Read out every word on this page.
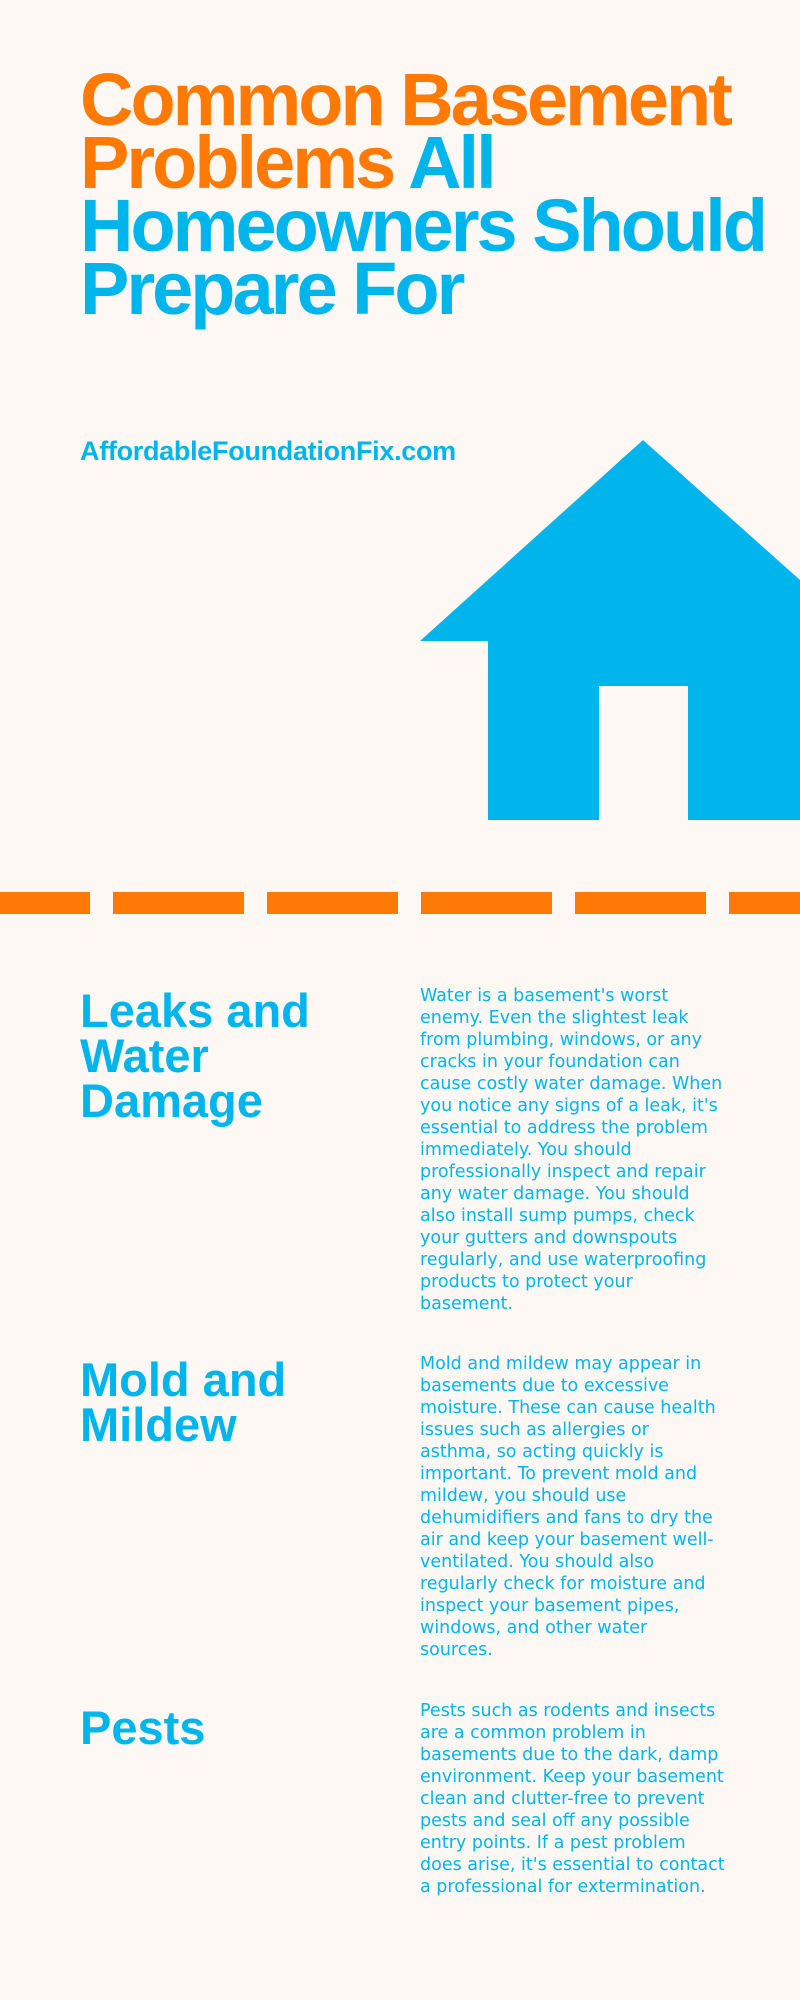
Common Basement Problems All Homeowners Should Prepare For
AffordableFoundationFix.com
Leaks and Water Damage

Water is a basement's worst enemy. Even the slightest leak from plumbing, windows, or any cracks in your foundation can cause costly water damage. When you notice any signs of a leak, it's essential to address the problem immediately. You should professionally inspect and repair any water damage. You should also install sump pumps, check your gutters and downspouts regularly, and use waterproofing products to protect your basement.

Mold and Mildew

Mold and mildew may appear in basements due to excessive moisture. These can cause health issues such as allergies or asthma, so acting quickly is important. To prevent mold and mildew, you should use dehumidifiers and fans to dry the air and keep your basement well-ventilated. You should also regularly check for moisture and inspect your basement pipes, windows, and other water sources.

Pests	Pests such as rodents and insects are a common problem in basements due to the dark, damp environment. Keep your basement clean and clutter-free to prevent pests and seal off any possible entry points. If a pest problem does arise, it's essential to contact a professional for extermination.
